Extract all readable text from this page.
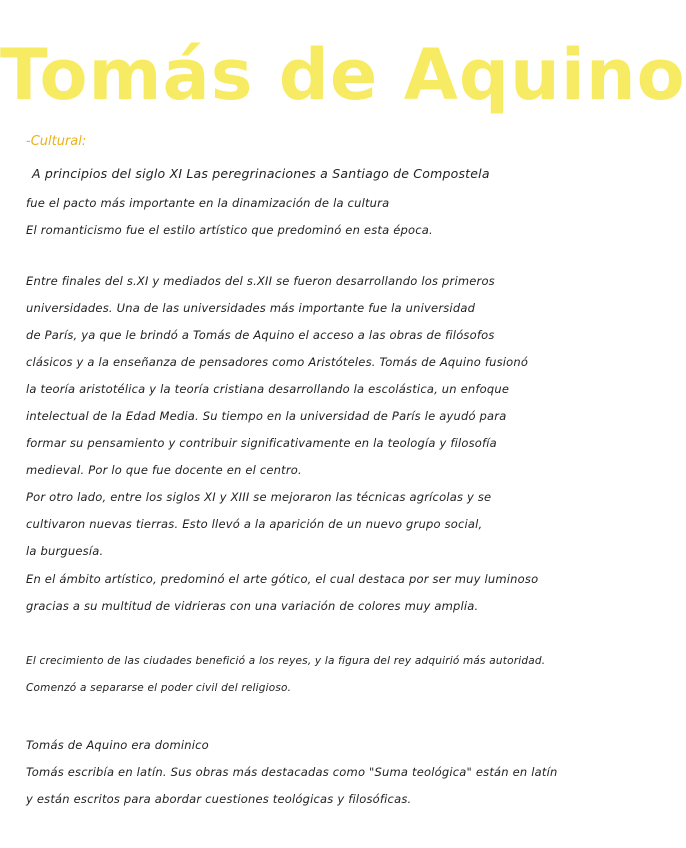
Tomás de Aquino
-Cultural:
A principios del siglo XI Las peregrinaciones a Santiago de Compostela
fue el pacto más importante en la dinamización de la cultura
El romanticismo fue el estilo artístico que predominó en esta época.
Entre finales del s.XI y mediados del s.XII se fueron desarrollando los primeros
universidades. Una de las universidades más importante fue la universidad
de París, ya que le brindó a Tomás de Aquino el acceso a las obras de filósofos
clásicos y a la enseñanza de pensadores como Aristóteles. Tomás de Aquino fusionó
la teoría aristotélica y la teoría cristiana desarrollando la escolástica, un enfoque
intelectual de la Edad Media. Su tiempo en la universidad de París le ayudó para
formar su pensamiento y contribuir significativamente en la teología y filosofía
medieval. Por lo que fue docente en el centro.
Por otro lado, entre los siglos XI y XIII se mejoraron las técnicas agrícolas y se
cultivaron nuevas tierras. Esto llevó a la aparición de un nuevo grupo social,
la burguesía.
En el ámbito artístico, predominó el arte gótico, el cual destaca por ser muy luminoso
gracias a su multitud de vidrieras con una variación de colores muy amplia.
El crecimiento de las ciudades benefició a los reyes, y la figura del rey adquirió más autoridad.
Comenzó a separarse el poder civil del religioso.
Tomás de Aquino era dominico
Tomás escribía en latín. Sus obras más destacadas como "Suma teológica" están en latín
y están escritos para abordar cuestiones teológicas y filosóficas.
